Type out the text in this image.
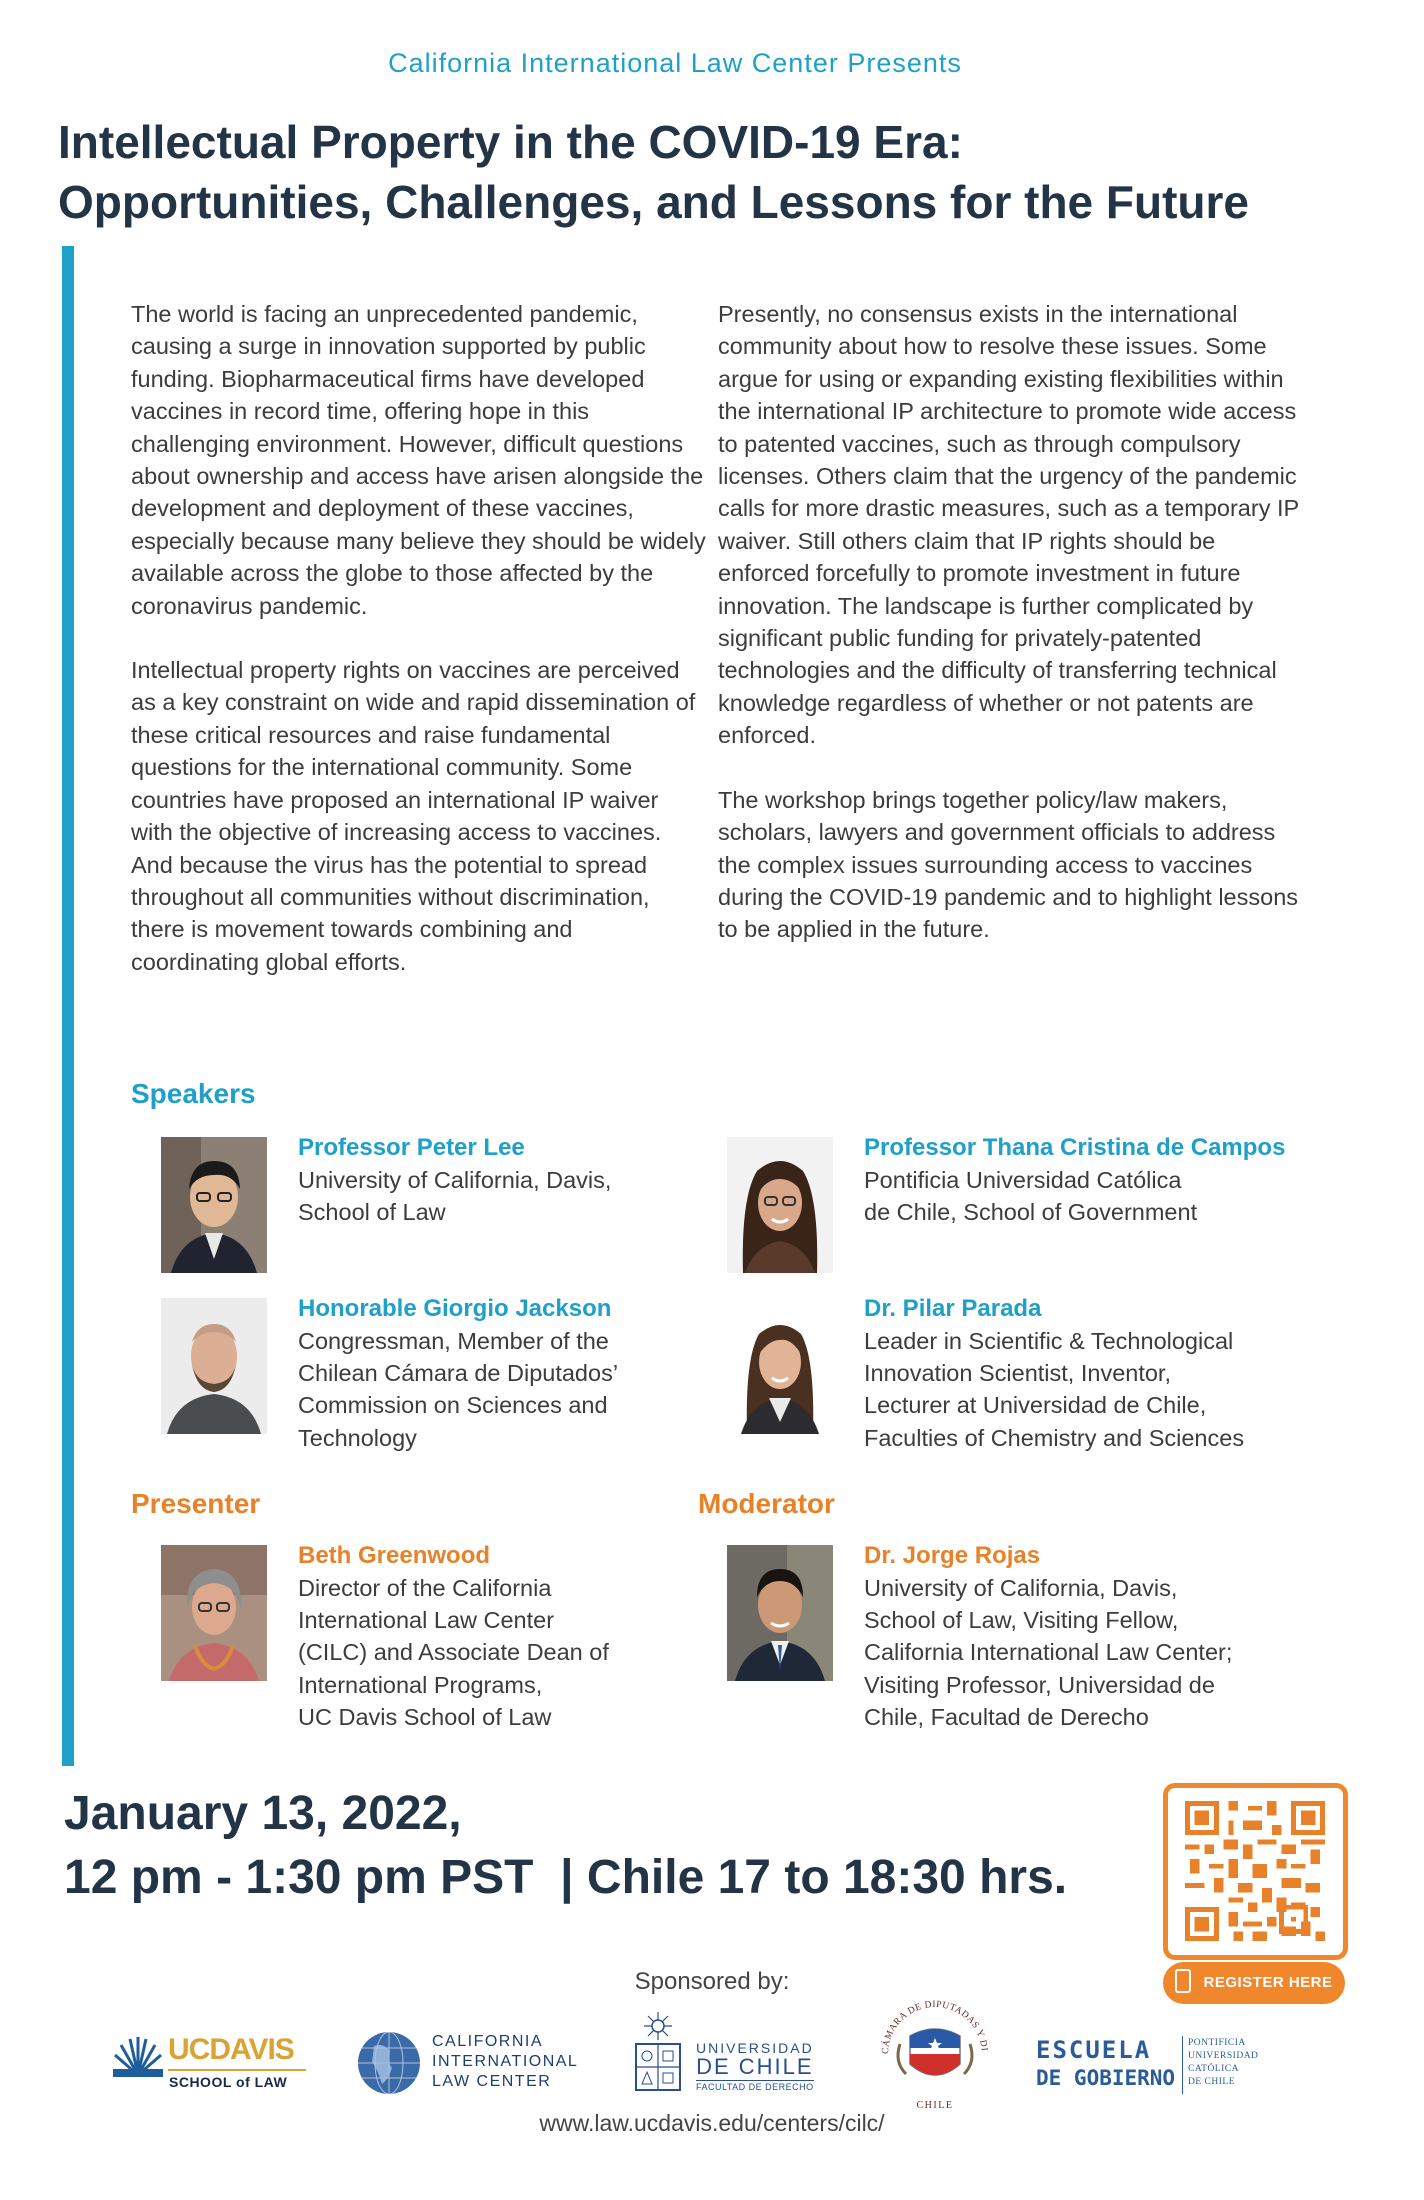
California International Law Center Presents
Intellectual Property in the COVID-19 Era:
Opportunities, Challenges, and Lessons for the Future

The world is facing an unprecedented pandemic, causing a surge in innovation supported by public funding. Biopharmaceutical firms have developed vaccines in record time, offering hope in this challenging environment. However, difficult questions about ownership and access have arisen alongside the development and deployment of these vaccines, especially because many believe they should be widely available across the globe to those affected by the coronavirus pandemic.

Intellectual property rights on vaccines are perceived as a key constraint on wide and rapid dissemination of these critical resources and raise fundamental questions for the international community. Some countries have proposed an international IP waiver with the objective of increasing access to vaccines. And because the virus has the potential to spread throughout all communities without discrimination, there is movement towards combining and coordinating global efforts.

Presently, no consensus exists in the international community about how to resolve these issues. Some argue for using or expanding existing flexibilities within the international IP architecture to promote wide access to patented vaccines, such as through compulsory licenses. Others claim that the urgency of the pandemic calls for more drastic measures, such as a temporary IP waiver. Still others claim that IP rights should be enforced forcefully to promote investment in future innovation. The landscape is further complicated by significant public funding for privately-patented technologies and the difficulty of transferring technical knowledge regardless of whether or not patents are enforced.

The workshop brings together policy/law makers, scholars, lawyers and government officials to address the complex issues surrounding access to vaccines during the COVID-19 pandemic and to highlight lessons to be applied in the future.

Speakers
Professor Peter Lee
University of California, Davis,
School of Law
Professor Thana Cristina de Campos
Pontificia Universidad Católica
de Chile, School of Government
Honorable Giorgio Jackson
Congressman, Member of the
Chilean Cámara de Diputados’
Commission on Sciences and
Technology
Dr. Pilar Parada
Leader in Scientific & Technological
Innovation Scientist, Inventor,
Lecturer at Universidad de Chile,
Faculties of Chemistry and Sciences
Presenter	Moderator
Beth Greenwood
Director of the California
International Law Center
(CILC) and Associate Dean of
International Programs,
UC Davis School of Law
Dr. Jorge Rojas
University of California, Davis,
School of Law, Visiting Fellow,
California International Law Center;
Visiting Professor, Universidad de
Chile, Facultad de Derecho
January 13, 2022,
12 pm - 1:30 pm PST  | Chile 17 to 18:30 hrs.
REGISTER HERE
Sponsored by:
UCDAVIS
SCHOOL of LAW
CALIFORNIA
INTERNATIONAL
LAW CENTER
UNIVERSIDAD
DE CHILE
FACULTAD DE DERECHO
CÁMARA DE DIPUTADAS Y DI
CHILE
ESCUELA
DE GOBIERNO
PONTIFICIA
UNIVERSIDAD
CATÓLICA
DE CHILE
www.law.ucdavis.edu/centers/cilc/
